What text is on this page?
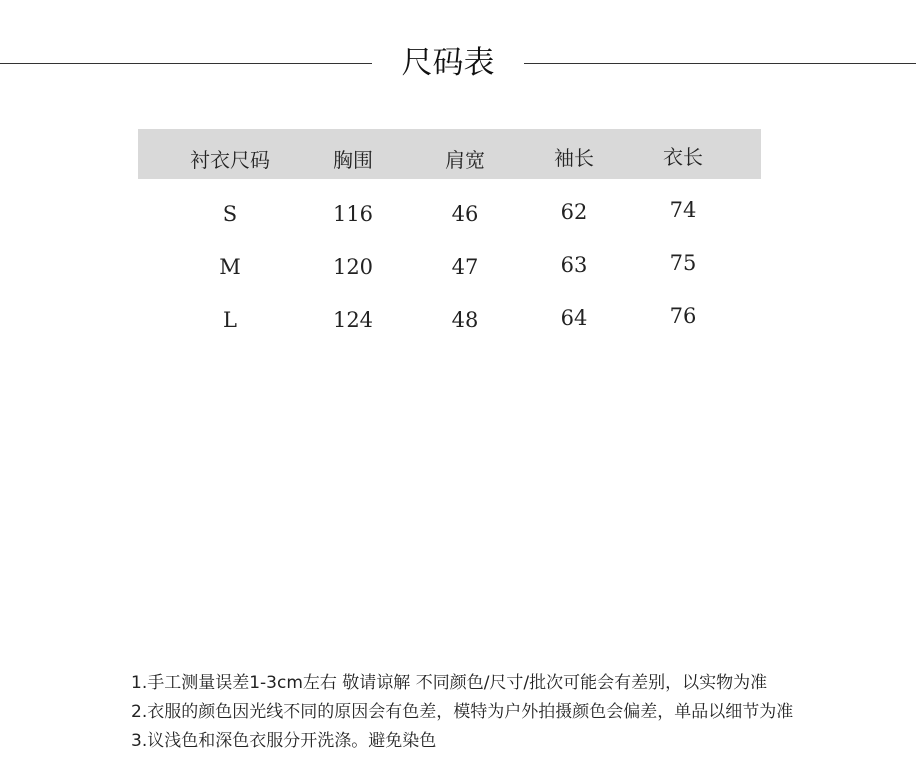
尺码表
衬衣尺码	胸围	肩宽	袖长	衣长
S	116	46	62	74
M	120	47	63	75
L	124	48	64	76
1.手工测量误差1-3cm左右 敬请谅解 不同颜色/尺寸/批次可能会有差别，以实物为准
2.衣服的颜色因光线不同的原因会有色差，模特为户外拍摄颜色会偏差，单品以细节为准
3.议浅色和深色衣服分开洗涤。避免染色
